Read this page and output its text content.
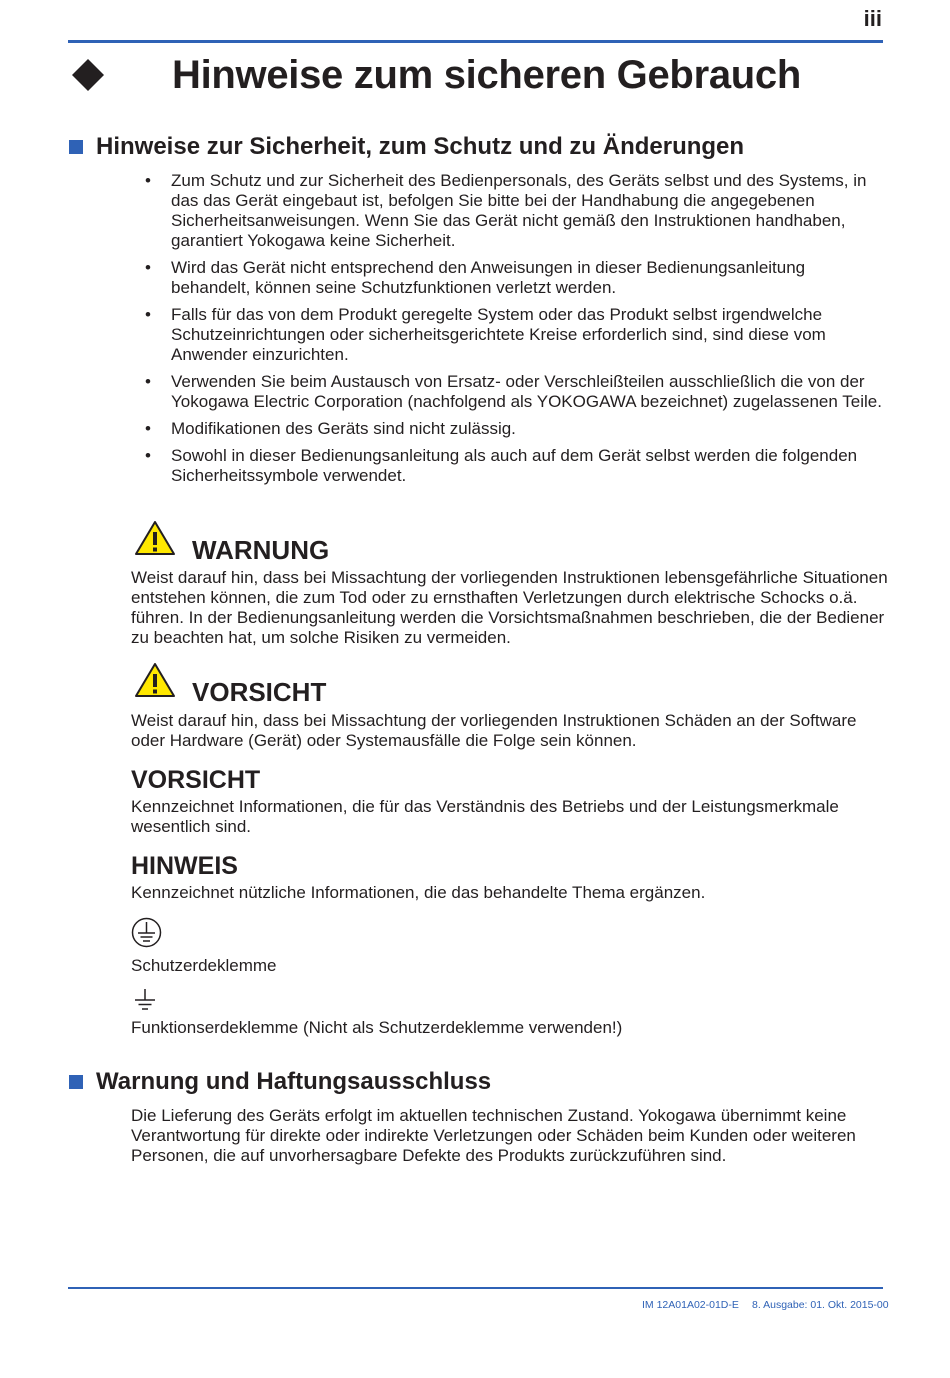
iii
Hinweise zum sicheren Gebrauch
Hinweise zur Sicherheit, zum Schutz und zu Änderungen
• Zum Schutz und zur Sicherheit des Bedienpersonals, des Geräts selbst und des Systems, in das das Gerät eingebaut ist, befolgen Sie bitte bei der Handhabung die angegebenen Sicherheitsanweisungen. Wenn Sie das Gerät nicht gemäß den Instruktionen handhaben, garantiert Yokogawa keine Sicherheit.
• Wird das Gerät nicht entsprechend den Anweisungen in dieser Bedienungsanleitung behandelt, können seine Schutzfunktionen verletzt werden.
• Falls für das von dem Produkt geregelte System oder das Produkt selbst irgendwelche Schutzeinrichtungen oder sicherheitsgerichtete Kreise erforderlich sind, sind diese vom Anwender einzurichten.
• Verwenden Sie beim Austausch von Ersatz- oder Verschleißteilen ausschließlich die von der Yokogawa Electric Corporation (nachfolgend als YOKOGAWA bezeichnet) zugelassenen Teile.
• Modifikationen des Geräts sind nicht zulässig.
• Sowohl in dieser Bedienungsanleitung als auch auf dem Gerät selbst werden die folgenden Sicherheitssymbole verwendet.
WARNUNG

Weist darauf hin, dass bei Missachtung der vorliegenden Instruktionen lebensgefährliche Situationen entstehen können, die zum Tod oder zu ernsthaften Verletzungen durch elektrische Schocks o.ä. führen. In der Bedienungsanleitung werden die Vorsichtsmaßnahmen beschrieben, die der Bediener zu beachten hat, um solche Risiken zu vermeiden.

VORSICHT

Weist darauf hin, dass bei Missachtung der vorliegenden Instruktionen Schäden an der Software oder Hardware (Gerät) oder Systemausfälle die Folge sein können.

VORSICHT

Kennzeichnet Informationen, die für das Verständnis des Betriebs und der Leistungsmerkmale wesentlich sind.

HINWEIS

Kennzeichnet nützliche Informationen, die das behandelte Thema ergänzen.

Schutzerdeklemme

Funktionserdeklemme (Nicht als Schutzerdeklemme verwenden!)

Warnung und Haftungsausschluss

Die Lieferung des Geräts erfolgt im aktuellen technischen Zustand. Yokogawa übernimmt keine Verantwortung für direkte oder indirekte Verletzungen oder Schäden beim Kunden oder weiteren Personen, die auf unvorhersagbare Defekte des Produkts zurückzuführen sind.

IM 12A01A02-01D-E 8. Ausgabe: 01. Okt. 2015-00
